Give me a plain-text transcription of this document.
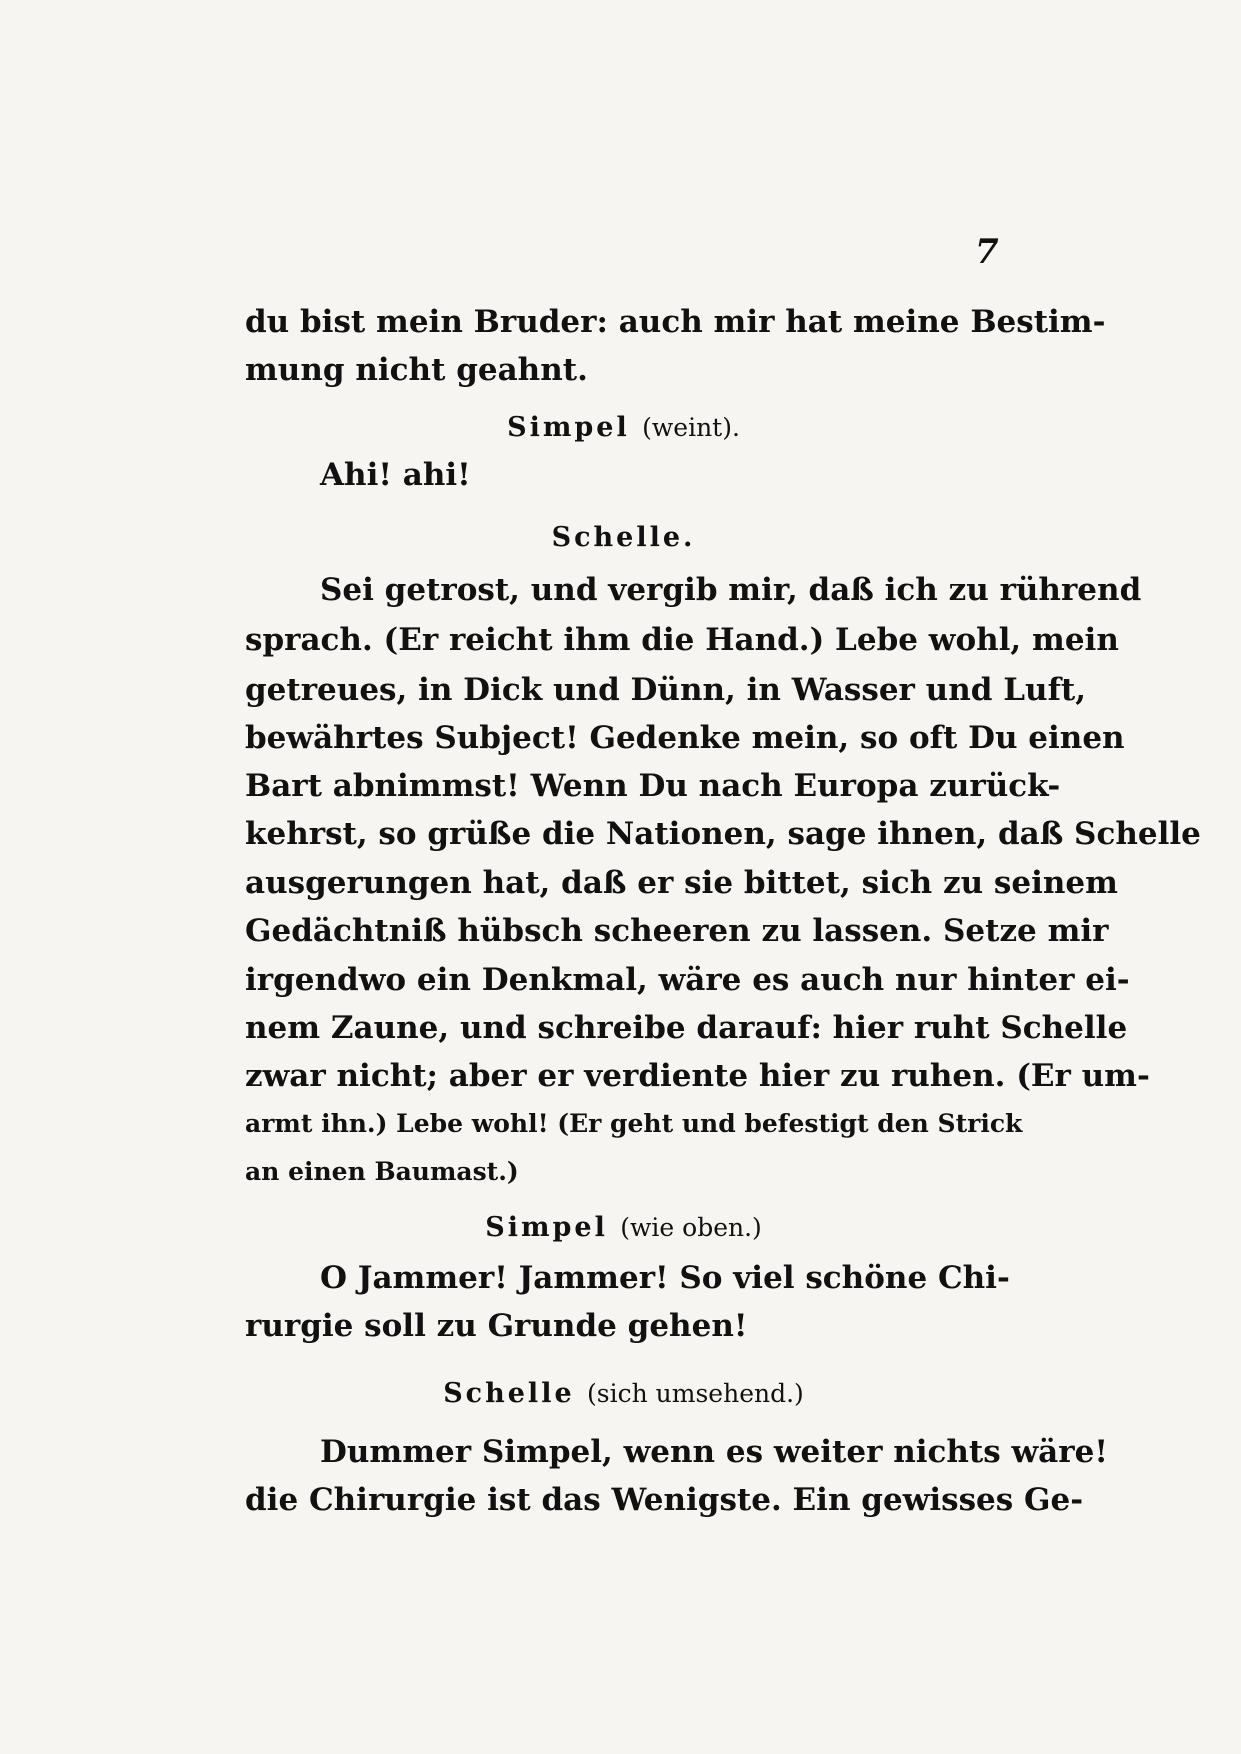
7
du bist mein Bruder: auch mir hat meine Bestim-
mung nicht geahnt.
Simpel (weint).
Ahi! ahi!
Schelle.
Sei getrost, und vergib mir, daß ich zu rührend
sprach. (Er reicht ihm die Hand.) Lebe wohl, mein
getreues, in Dick und Dünn, in Wasser und Luft,
bewährtes Subject! Gedenke mein, so oft Du einen
Bart abnimmst! Wenn Du nach Europa zurück-
kehrst, so grüße die Nationen, sage ihnen, daß Schelle
ausgerungen hat, daß er sie bittet, sich zu seinem
Gedächtniß hübsch scheeren zu lassen. Setze mir
irgendwo ein Denkmal, wäre es auch nur hinter ei-
nem Zaune, und schreibe darauf: hier ruht Schelle
zwar nicht; aber er verdiente hier zu ruhen. (Er um-
armt ihn.) Lebe wohl! (Er geht und befestigt den Strick
an einen Baumast.)
Simpel (wie oben.)
O Jammer! Jammer! So viel schöne Chi-
rurgie soll zu Grunde gehen!
Schelle (sich umsehend.)
Dummer Simpel, wenn es weiter nichts wäre!
die Chirurgie ist das Wenigste. Ein gewisses Ge-
